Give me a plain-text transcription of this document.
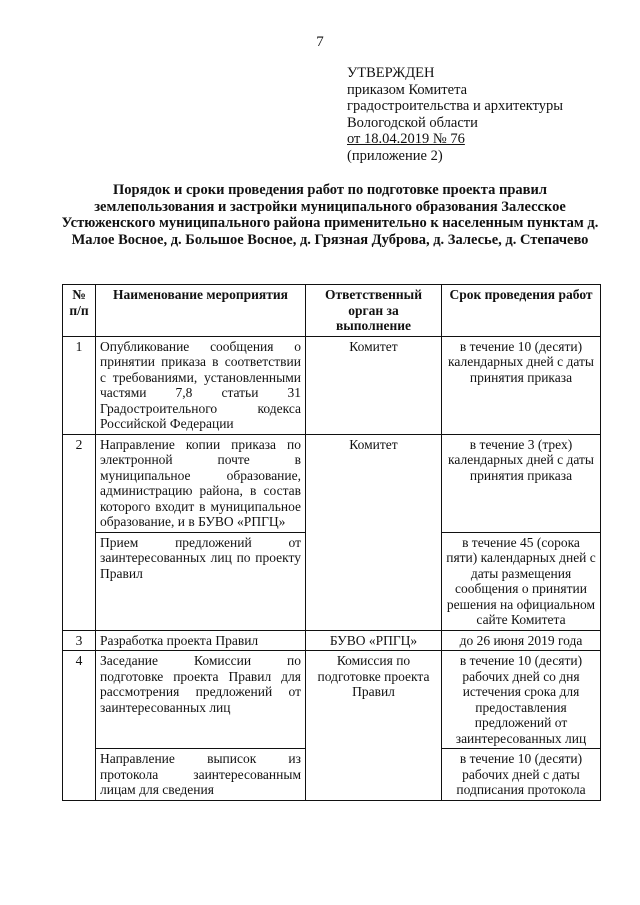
7
УТВЕРЖДЕН
приказом Комитета
градостроительства и архитектуры
Вологодской области
от 18.04.2019 № 76
(приложение 2)
Порядок и сроки проведения работ по подготовке проекта правил землепользования и застройки муниципального образования Залесское Устюженского муниципального района применительно к населенным пунктам д. Малое Восное, д. Большое Восное, д. Грязная Дуброва, д. Залесье, д. Степачево
№ п/п	Наименование мероприятия	Ответственный орган за выполнение	Срок проведения работ
1	Опубликование сообщения о принятии приказа в соответствии с требованиями, установленными частями 7,8 статьи 31 Градостроительного кодекса Российской Федерации	Комитет	в течение 10 (десяти) календарных дней с даты принятия приказа
2	Направление копии приказа по электронной почте в муниципальное образование, администрацию района, в состав которого входит в муниципальное образование, и в БУВО «РПГЦ»	Комитет	в течение 3 (трех) календарных дней с даты принятия приказа
	Прием предложений от заинтересованных лиц по проекту Правил		в течение 45 (сорока пяти) календарных дней с даты размещения сообщения о принятии решения на официальном сайте Комитета
3	Разработка проекта Правил	БУВО «РПГЦ»	до 26 июня 2019 года
4	Заседание Комиссии по подготовке проекта Правил для рассмотрения предложений от заинтересованных лиц	Комиссия по подготовке проекта Правил	в течение 10 (десяти) рабочих дней со дня истечения срока для предоставления предложений от заинтересованных лиц
	Направление выписок из протокола заинтересованным лицам для сведения		в течение 10 (десяти) рабочих дней с даты подписания протокола
